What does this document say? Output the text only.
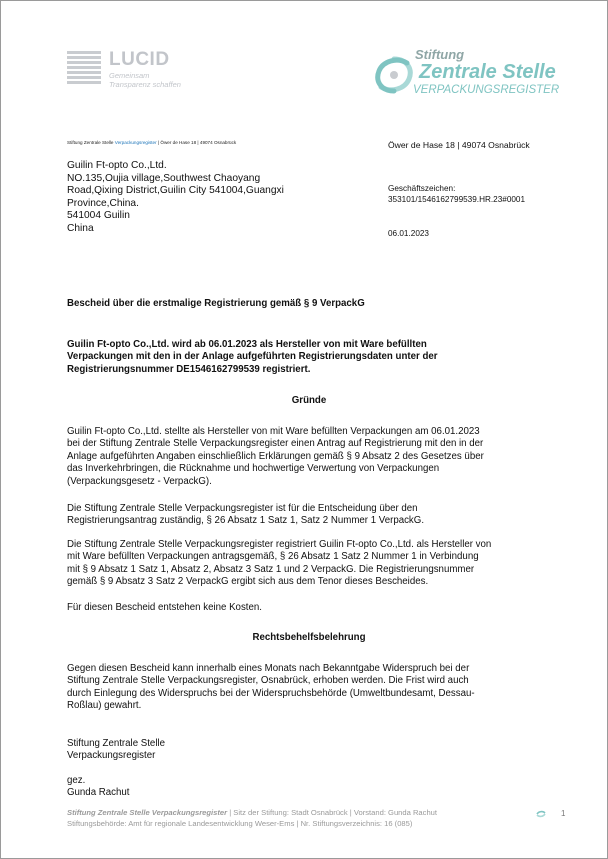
LUCID
Gemeinsam
Transparenz schaffen
Stiftung
Zentrale Stelle
VERPACKUNGSREGISTER
Stiftung Zentrale Stelle Verpackungsregister | Öwer de Hase 18 | 49074 Osnabrück
Guilin Ft-opto Co.,Ltd.
NO.135,Oujia village,Southwest Chaoyang
Road,Qixing District,Guilin City 541004,Guangxi
Province,China.
541004 Guilin
China
Öwer de Hase 18 | 49074 Osnabrück
Geschäftszeichen:
353101/1546162799539.HR.23#0001
06.01.2023
Bescheid über die erstmalige Registrierung gemäß § 9 VerpackG
Guilin Ft-opto Co.,Ltd. wird ab 06.01.2023 als Hersteller von mit Ware befüllten
Verpackungen mit den in der Anlage aufgeführten Registrierungsdaten unter der
Registrierungsnummer DE1546162799539 registriert.
Gründe
Guilin Ft-opto Co.,Ltd. stellte als Hersteller von mit Ware befüllten Verpackungen am 06.01.2023
bei der Stiftung Zentrale Stelle Verpackungsregister einen Antrag auf Registrierung mit den in der
Anlage aufgeführten Angaben einschließlich Erklärungen gemäß § 9 Absatz 2 des Gesetzes über
das Inverkehrbringen, die Rücknahme und hochwertige Verwertung von Verpackungen
(Verpackungsgesetz - VerpackG).
Die Stiftung Zentrale Stelle Verpackungsregister ist für die Entscheidung über den
Registrierungsantrag zuständig, § 26 Absatz 1 Satz 1, Satz 2 Nummer 1 VerpackG.
Die Stiftung Zentrale Stelle Verpackungsregister registriert Guilin Ft-opto Co.,Ltd. als Hersteller von
mit Ware befüllten Verpackungen antragsgemäß, § 26 Absatz 1 Satz 2 Nummer 1 in Verbindung
mit § 9 Absatz 1 Satz 1, Absatz 2, Absatz 3 Satz 1 und 2 VerpackG. Die Registrierungsnummer
gemäß § 9 Absatz 3 Satz 2 VerpackG ergibt sich aus dem Tenor dieses Bescheides.
Für diesen Bescheid entstehen keine Kosten.
Rechtsbehelfsbelehrung
Gegen diesen Bescheid kann innerhalb eines Monats nach Bekanntgabe Widerspruch bei der
Stiftung Zentrale Stelle Verpackungsregister, Osnabrück, erhoben werden. Die Frist wird auch
durch Einlegung des Widerspruchs bei der Widerspruchsbehörde (Umweltbundesamt, Dessau-
Roßlau) gewahrt.
Stiftung Zentrale Stelle
Verpackungsregister
gez.
Gunda Rachut
Stiftung Zentrale Stelle Verpackungsregister | Sitz der Stiftung: Stadt Osnabrück | Vorstand: Gunda Rachut
Stiftungsbehörde: Amt für regionale Landesentwicklung Weser-Ems | Nr. Stiftungsverzeichnis: 16 (085)
1
